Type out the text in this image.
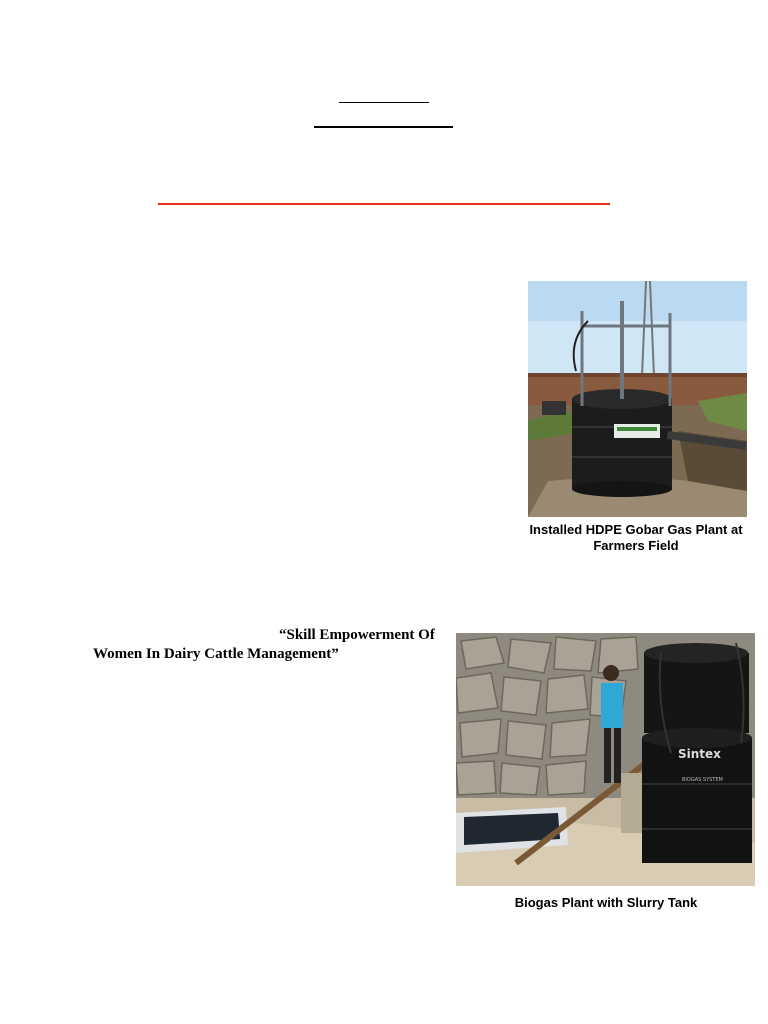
Installed HDPE Gobar Gas Plant at
Farmers Field
“Skill Empowerment Of
Women In Dairy Cattle Management”
Sintex
BIOGAS SYSTEM
Biogas Plant with Slurry Tank
